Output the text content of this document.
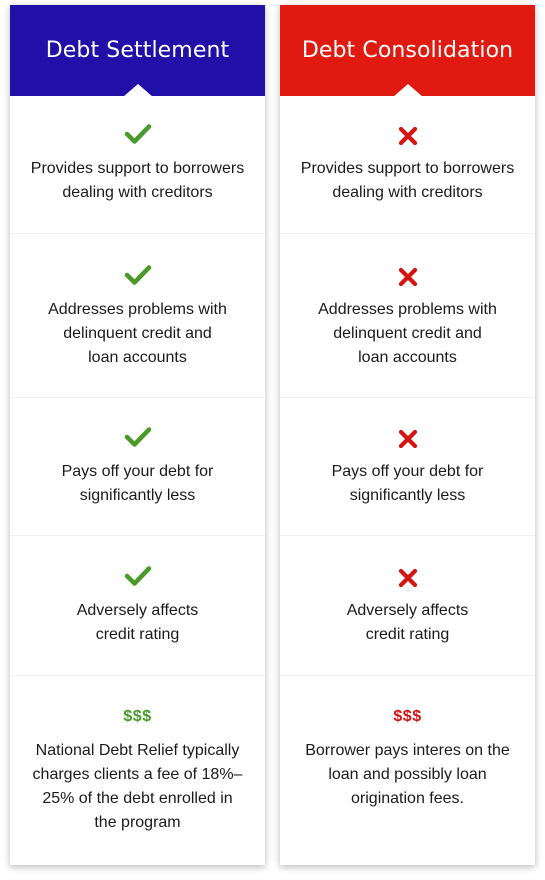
Debt Settlement
Provides support to borrowers
dealing with creditors
Addresses problems with
delinquent credit and
loan accounts
Pays off your debt for
significantly less
Adversely affects
credit rating
$$$
National Debt Relief typically
charges clients a fee of 18%–
25% of the debt enrolled in
the program
Debt Consolidation
Provides support to borrowers
dealing with creditors
Addresses problems with
delinquent credit and
loan accounts
Pays off your debt for
significantly less
Adversely affects
credit rating
$$$
Borrower pays interes on the
loan and possibly loan
origination fees.
